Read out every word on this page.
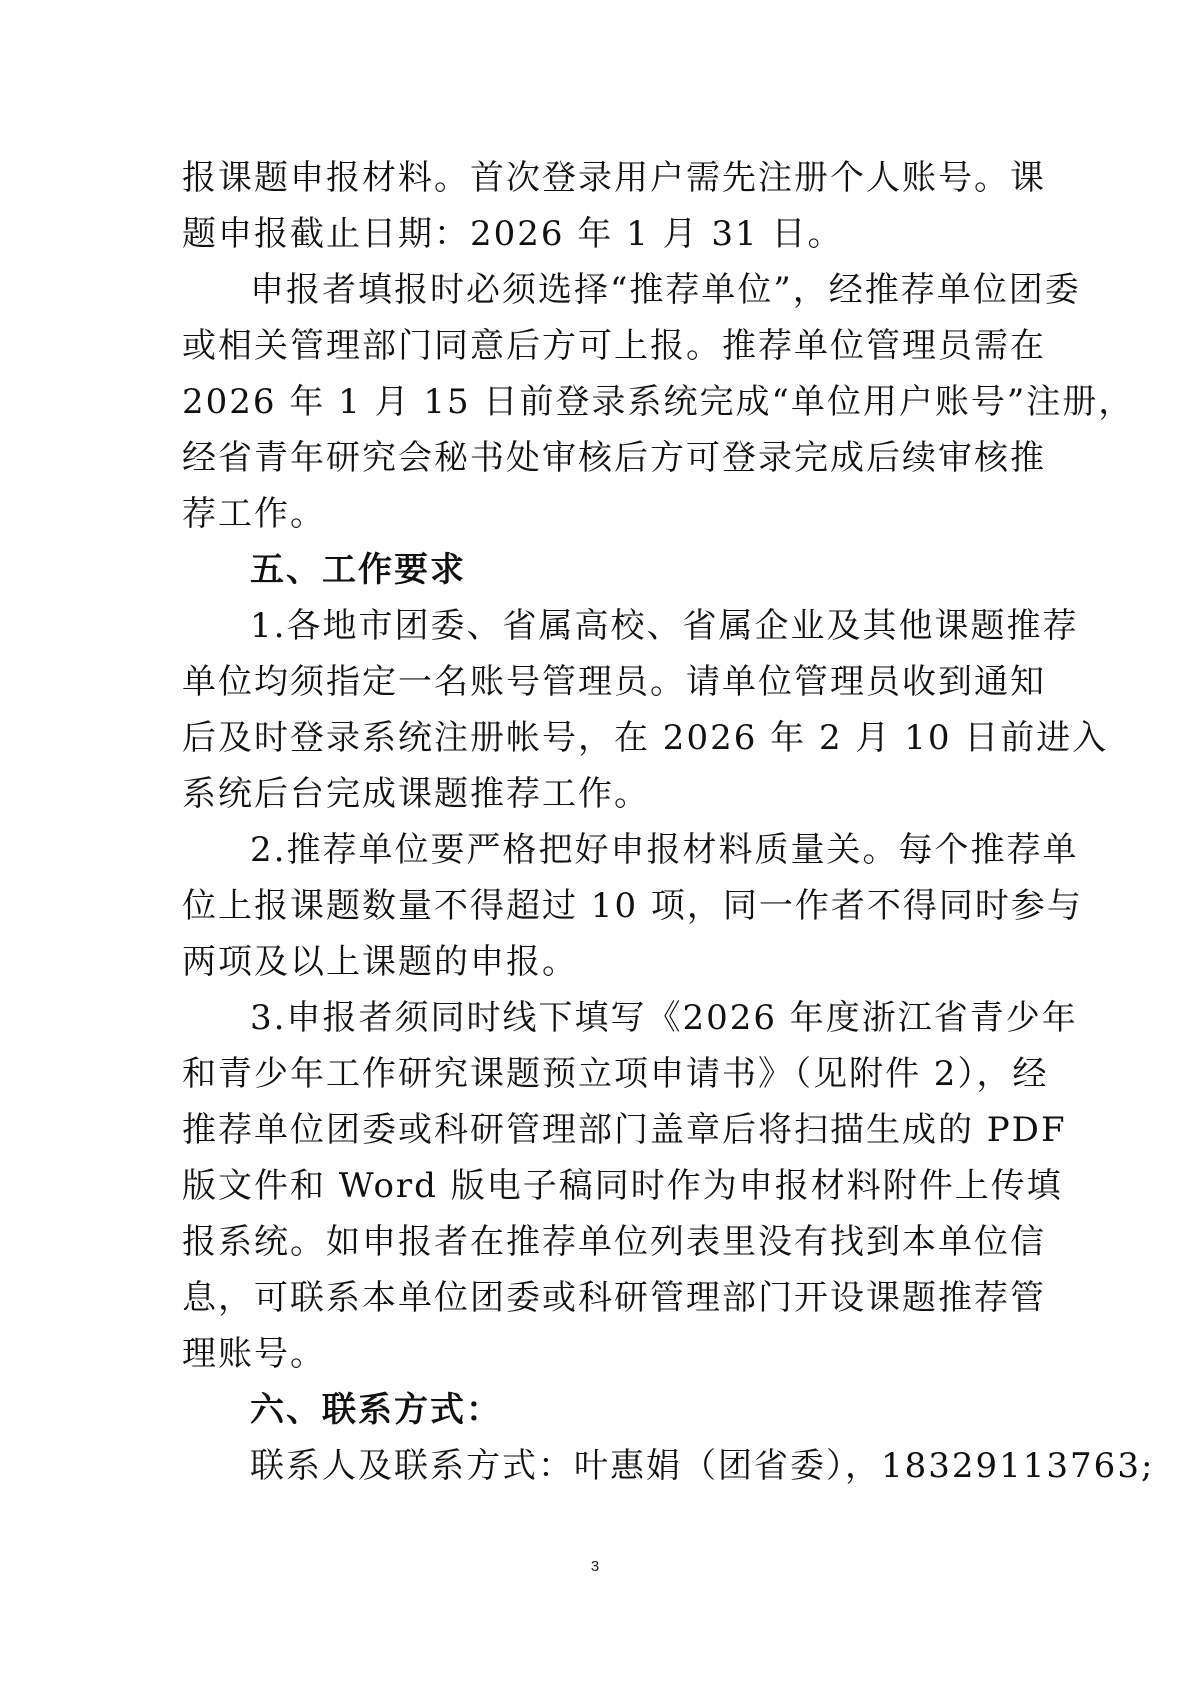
报课题申报材料。首次登录用户需先注册个人账号。课
题申报截止日期：2026 年 1 月 31 日。
申报者填报时必须选择“推荐单位”，经推荐单位团委
或相关管理部门同意后方可上报。推荐单位管理员需在
2026 年 1 月 15 日前登录系统完成“单位用户账号”注册，
经省青年研究会秘书处审核后方可登录完成后续审核推
荐工作。
五、工作要求
1.各地市团委、省属高校、省属企业及其他课题推荐
单位均须指定一名账号管理员。请单位管理员收到通知
后及时登录系统注册帐号，在 2026 年 2 月 10 日前进入
系统后台完成课题推荐工作。
2.推荐单位要严格把好申报材料质量关。每个推荐单
位上报课题数量不得超过 10 项，同一作者不得同时参与
两项及以上课题的申报。
3.申报者须同时线下填写《2026 年度浙江省青少年
和青少年工作研究课题预立项申请书》（见附件 2），经
推荐单位团委或科研管理部门盖章后将扫描生成的 PDF
版文件和 Word 版电子稿同时作为申报材料附件上传填
报系统。如申报者在推荐单位列表里没有找到本单位信
息，可联系本单位团委或科研管理部门开设课题推荐管
理账号。
六、联系方式：
联系人及联系方式：叶惠娟（团省委），18329113763;
3
